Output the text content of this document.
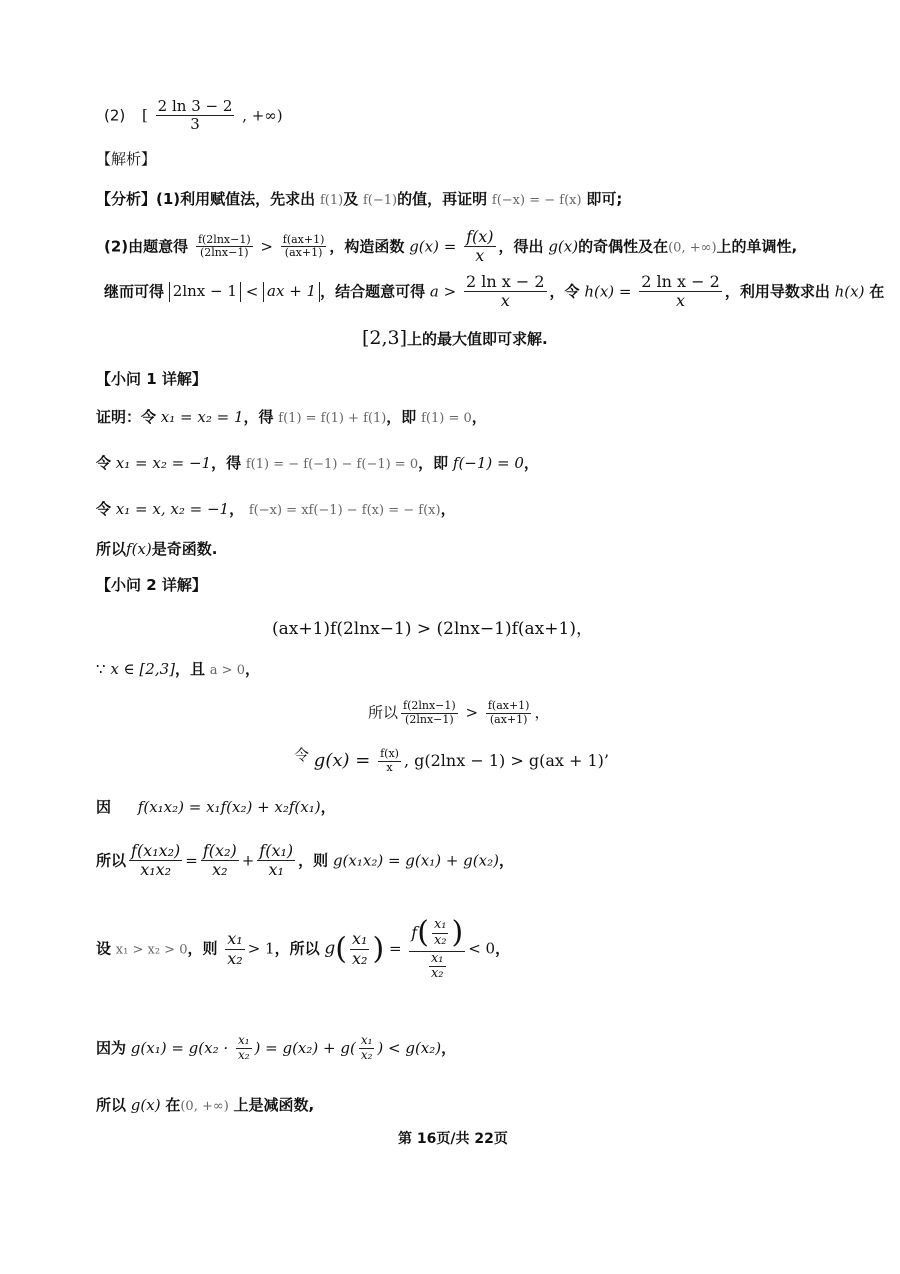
(2) [ $\frac{2 \ln 3 - 2}{3}$ , +∞)
【解析】
【分析】(1)利用赋值法，先求出 f(1)及 f(−1)的值，再证明 f(−x) = − f(x) 即可;
(2)由题意得 $\frac{f(2\ln x-1)}{(2\ln x-1)} > \frac{f(ax+1)}{(ax+1)}$ ，构造函数 $g(x) = \frac{f(x)}{x}$ ，得出 g(x)的奇偶性及在(0, +∞)上的单调性,
继而可得 2lnx − 1 < ax + 1 ，结合题意可得 $a > \frac{\text{2 ln x − 2}}{x}$ ，令 $h(x) = \frac{\text{2 ln x − 2}}{x}$ ，利用导数求出 h(x) 在
[2,3]上的最大值即可求解.
【小问 1 详解】
证明：令 x₁ = x₂ = 1，得 f(1) = f(1) + f(1)，即 f(1) = 0，
令 x₁ = x₂ = −1，得 f(1) = − f(−1) − f(−1) = 0，即 f(−1) = 0，
令 x₁ = x, x₂ = −1， f(−x) = xf(−1) − f(x) = − f(x)，
所以f(x)是奇函数.
【小问 2 详解】
(ax+1)f(2lnx−1) > (2lnx−1)f(ax+1)，
∵ x ∈ [2,3]，且 a > 0，
所以 $\frac{f(2\ln x-1)}{(2\ln x-1)} > \frac{f(ax+1)}{(ax+1)}$ ，
令 $g(x) = \frac{f(x)}{x}$ , g(2lnx − 1) > g(ax + 1)’
因 f(x₁x₂) = x₁f(x₂) + x₂f(x₁)，
所以 $\frac{\text{f(x₁x₂)}}{\text{x₁x₂}} = \frac{\text{f(x₂)}}{\text{x₂}} + \frac{\text{f(x₁)}}{\text{x₁}}$ ，则 g(x₁x₂) = g(x₁) + g(x₂)，
设 x₁ > x₂ > 0，则 $\frac{\text{x₁}}{\text{x₂}} > 1$，所以 $g( \frac{\text{x₁}}{\text{x₂}}$ ) = $\frac{f( \frac{\text{x₁}}{\text{x₂}} )}{\frac{\text{x₁}}{\text{x₂}}} < 0$，
因为 $g(x_1) = g(x_2 \cdot \frac{\text{x₁}}{\text{x₂}}$ ) = $g(x_2) + g( \frac{\text{x₁}}{\text{x₂}}$ ) < g(x₂)，
所以 g(x) 在(0, +∞) 上是减函数,
第 16页/共 22页
